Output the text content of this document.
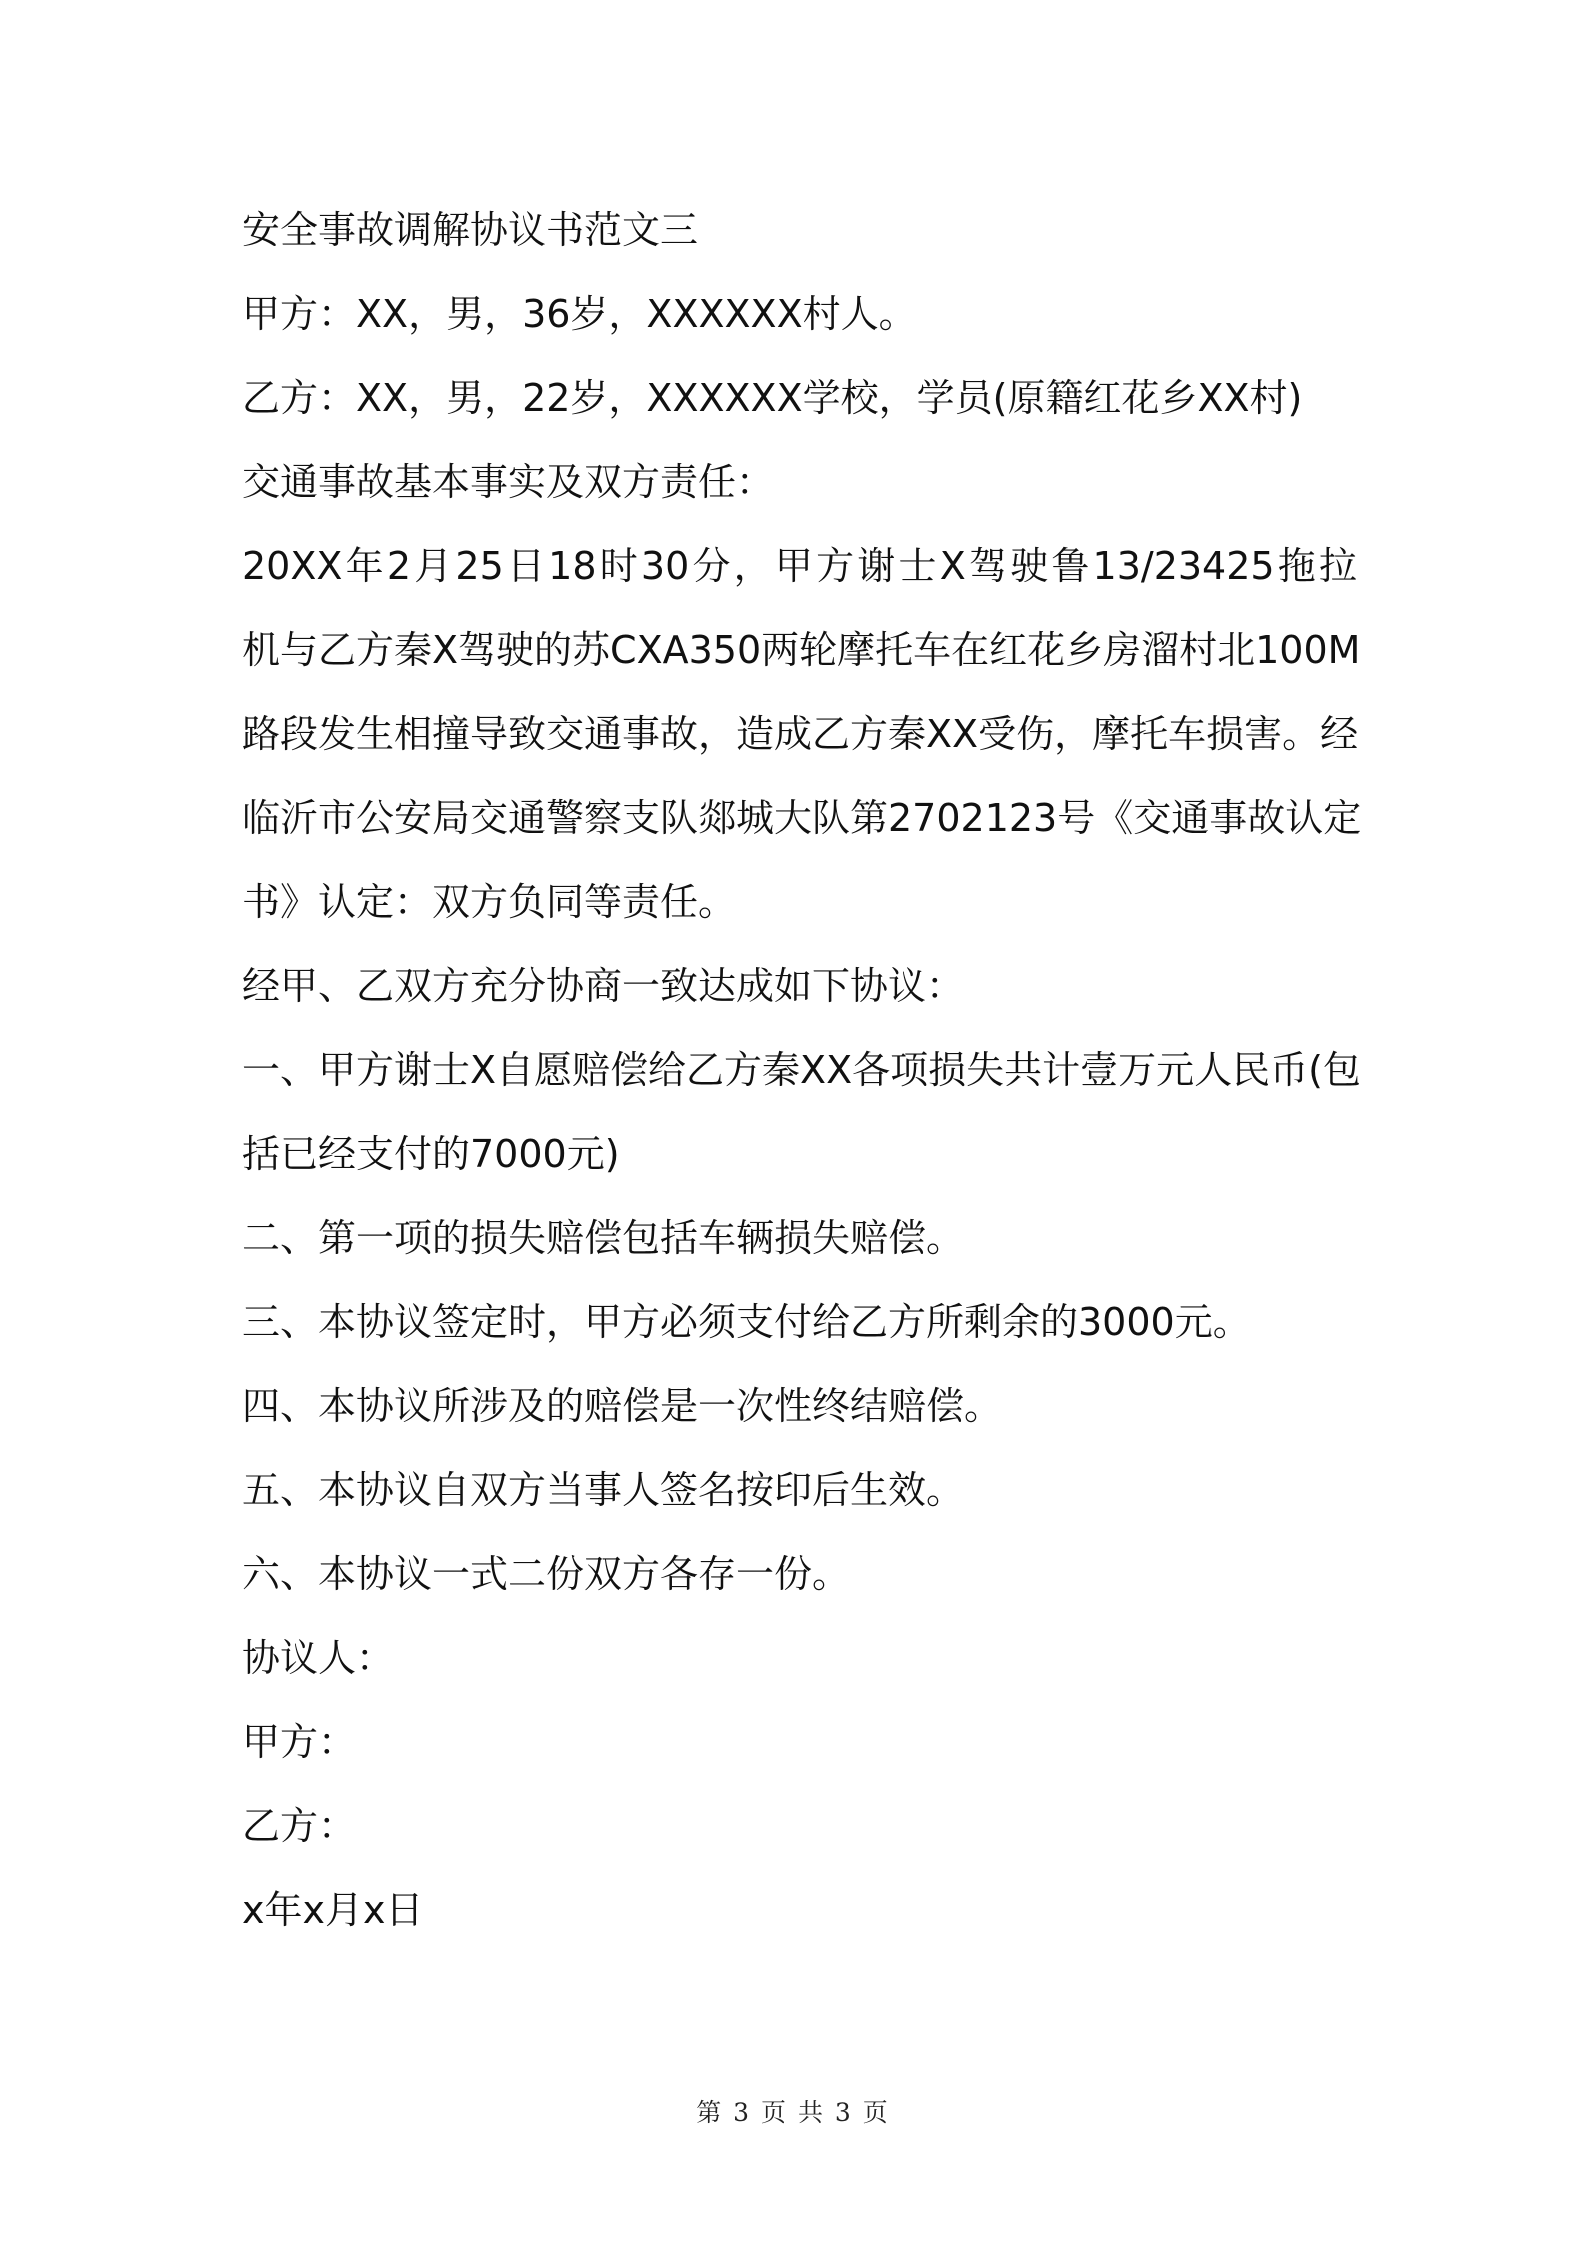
安全事故调解协议书范文三

甲方：XX，男，36岁，XXXXXX村人。

乙方：XX，男，22岁，XXXXXX学校，学员(原籍红花乡XX村)

交通事故基本事实及双方责任：

20XX年2月25日18时30分，甲方谢士X驾驶鲁13/23425拖拉

机与乙方秦X驾驶的苏CXA350两轮摩托车在红花乡房溜村北100M

路段发生相撞导致交通事故，造成乙方秦XX受伤，摩托车损害。经

临沂市公安局交通警察支队郯城大队第2702123号《交通事故认定

书》认定：双方负同等责任。

经甲、乙双方充分协商一致达成如下协议：

一、甲方谢士X自愿赔偿给乙方秦XX各项损失共计壹万元人民币(包

括已经支付的7000元)

二、第一项的损失赔偿包括车辆损失赔偿。

三、本协议签定时，甲方必须支付给乙方所剩余的3000元。

四、本协议所涉及的赔偿是一次性终结赔偿。

五、本协议自双方当事人签名按印后生效。

六、本协议一式二份双方各存一份。

协议人：

甲方：

乙方：

x年x月x日

第 3 页 共 3 页
